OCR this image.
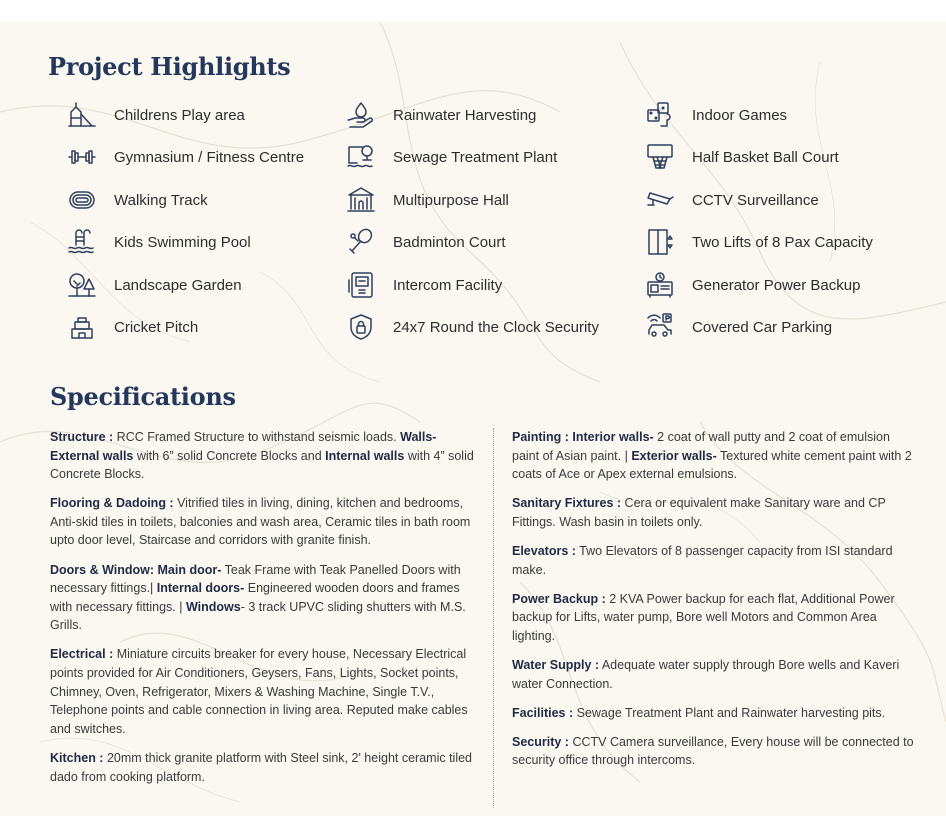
Project Highlights
Childrens Play area
Gymnasium / Fitness Centre
Walking Track
Kids Swimming Pool
Landscape Garden
Cricket Pitch
Rainwater Harvesting
Sewage Treatment Plant
Multipurpose Hall
Badminton Court
Intercom Facility
24x7 Round the Clock Security
Indoor Games
Half Basket Ball Court
CCTV Surveillance
Two Lifts of 8 Pax Capacity
Generator Power Backup
Covered Car Parking
Specifications

Structure : RCC Framed Structure to withstand seismic loads. Walls- External walls with 6” solid Concrete Blocks and Internal walls with 4” solid Concrete Blocks.

Flooring & Dadoing : Vitrified tiles in living, dining, kitchen and bedrooms, Anti-skid tiles in toilets, balconies and wash area, Ceramic tiles in bath room upto door level, Staircase and corridors with granite finish.

Doors & Window: Main door- Teak Frame with Teak Panelled Doors with necessary fittings.| Internal doors- Engineered wooden doors and frames with necessary fittings. | Windows- 3 track UPVC sliding shutters with M.S. Grills.

Electrical : Miniature circuits breaker for every house, Necessary Electrical points provided for Air Conditioners, Geysers, Fans, Lights, Socket points, Chimney, Oven, Refrigerator, Mixers & Washing Machine, Single T.V., Telephone points and cable connection in living area. Reputed make cables and switches.

Kitchen : 20mm thick granite platform with Steel sink, 2' height ceramic tiled dado from cooking platform.

Painting : Interior walls- 2 coat of wall putty and 2 coat of emulsion paint of Asian paint. | Exterior walls- Textured white cement paint with 2 coats of Ace or Apex external emulsions.

Sanitary Fixtures : Cera or equivalent make Sanitary ware and CP Fittings. Wash basin in toilets only.

Elevators : Two Elevators of 8 passenger capacity from ISI standard make.

Power Backup : 2 KVA Power backup for each flat, Additional Power backup for Lifts, water pump, Bore well Motors and Common Area lighting.

Water Supply : Adequate water supply through Bore wells and Kaveri water Connection.

Facilities : Sewage Treatment Plant and Rainwater harvesting pits.

Security : CCTV Camera surveillance, Every house will be connected to security office through intercoms.
